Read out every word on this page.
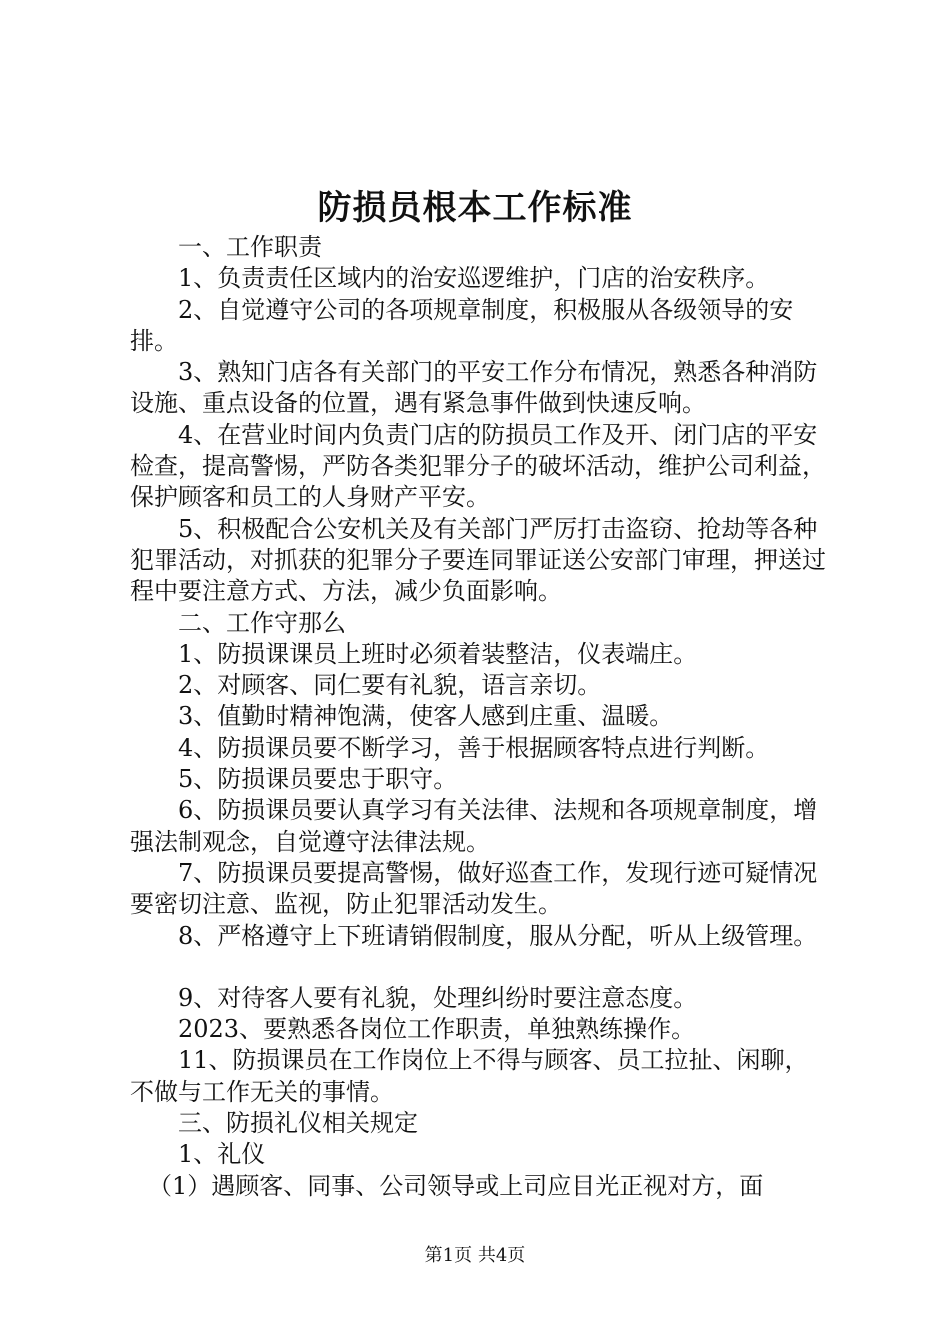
防损员根本工作标准

一、工作职责

1、负责责任区域内的治安巡逻维护，门店的治安秩序。

2、自觉遵守公司的各项规章制度，积极服从各级领导的安排。

3、熟知门店各有关部门的平安工作分布情况，熟悉各种消防设施、重点设备的位置，遇有紧急事件做到快速反响。

4、在营业时间内负责门店的防损员工作及开、闭门店的平安检查，提高警惕，严防各类犯罪分子的破坏活动，维护公司利益，保护顾客和员工的人身财产平安。

5、积极配合公安机关及有关部门严厉打击盗窃、抢劫等各种犯罪活动，对抓获的犯罪分子要连同罪证送公安部门审理，押送过程中要注意方式、方法，减少负面影响。

二、工作守那么

1、防损课课员上班时必须着装整洁，仪表端庄。

2、对顾客、同仁要有礼貌，语言亲切。

3、值勤时精神饱满，使客人感到庄重、温暖。

4、防损课员要不断学习，善于根据顾客特点进行判断。

5、防损课员要忠于职守。

6、防损课员要认真学习有关法律、法规和各项规章制度，增强法制观念，自觉遵守法律法规。

7、防损课员要提高警惕，做好巡查工作，发现行迹可疑情况要密切注意、监视，防止犯罪活动发生。

8、严格遵守上下班请销假制度，服从分配，听从上级管理。

9、对待客人要有礼貌，处理纠纷时要注意态度。

2023、要熟悉各岗位工作职责，单独熟练操作。

11、防损课员在工作岗位上不得与顾客、员工拉扯、闲聊，不做与工作无关的事情。

三、防损礼仪相关规定

1、礼仪

（1）遇顾客、同事、公司领导或上司应目光正视对方，面

第1页 共4页
